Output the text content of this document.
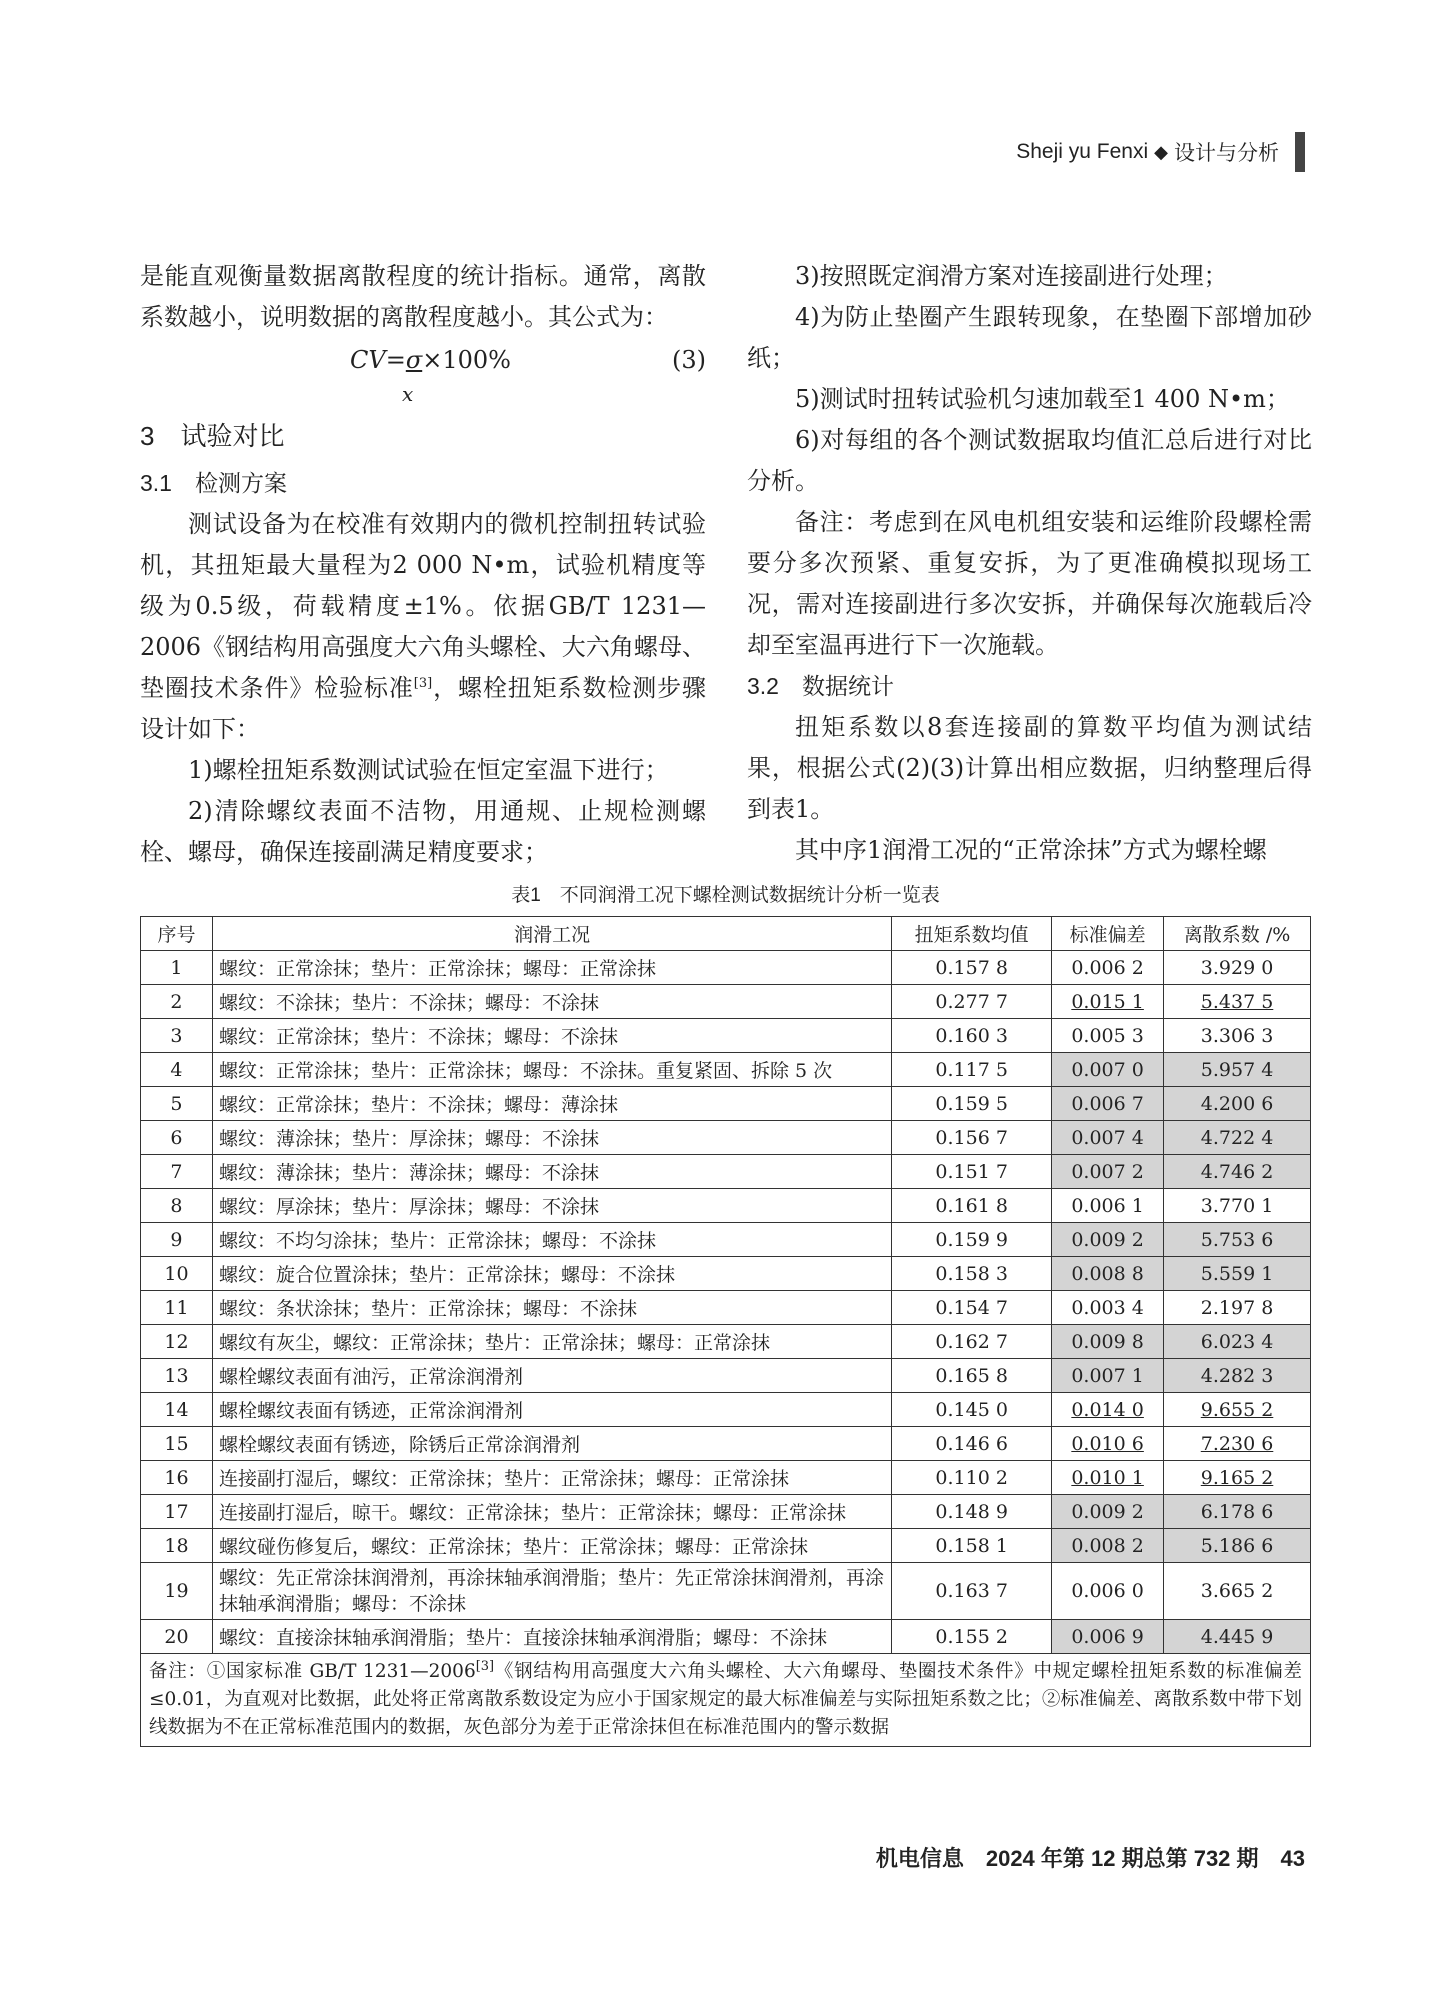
Sheji yu Fenxi ◆ 设计与分析

是能直观衡量数据离散程度的统计指标。通常，离散系数越小，说明数据的离散程度越小。其公式为：

CV=σ×100%
x
(3)
3　试验对比
3.1　检测方案

测试设备为在校准有效期内的微机控制扭转试验机，其扭矩最大量程为2 000 N•m，试验机精度等级为0.5级，荷载精度±1%。依据GB/T 1231—2006《钢结构用高强度大六角头螺栓、大六角螺母、垫圈技术条件》检验标准[3]，螺栓扭矩系数检测步骤设计如下：

1)螺栓扭矩系数测试试验在恒定室温下进行；

2)清除螺纹表面不洁物，用通规、止规检测螺栓、螺母，确保连接副满足精度要求；

3)按照既定润滑方案对连接副进行处理；

4)为防止垫圈产生跟转现象，在垫圈下部增加砂纸；

5)测试时扭转试验机匀速加载至1 400 N•m；

6)对每组的各个测试数据取均值汇总后进行对比分析。

备注：考虑到在风电机组安装和运维阶段螺栓需要分多次预紧、重复安拆，为了更准确模拟现场工况，需对连接副进行多次安拆，并确保每次施载后冷却至室温再进行下一次施载。

3.2　数据统计

扭矩系数以8套连接副的算数平均值为测试结果，根据公式(2)(3)计算出相应数据，归纳整理后得到表1。

其中序1润滑工况的“正常涂抹”方式为螺栓螺

表1　不同润滑工况下螺栓测试数据统计分析一览表
序号	润滑工况	扭矩系数均值	标准偏差	离散系数 /%
1	螺纹：正常涂抹；垫片：正常涂抹；螺母：正常涂抹	0.157 8	0.006 2	3.929 0
2	螺纹：不涂抹；垫片：不涂抹；螺母：不涂抹	0.277 7	0.015 1	5.437 5
3	螺纹：正常涂抹；垫片：不涂抹；螺母：不涂抹	0.160 3	0.005 3	3.306 3
4	螺纹：正常涂抹；垫片：正常涂抹；螺母：不涂抹。重复紧固、拆除 5 次	0.117 5	0.007 0	5.957 4
5	螺纹：正常涂抹；垫片：不涂抹；螺母：薄涂抹	0.159 5	0.006 7	4.200 6
6	螺纹：薄涂抹；垫片：厚涂抹；螺母：不涂抹	0.156 7	0.007 4	4.722 4
7	螺纹：薄涂抹；垫片：薄涂抹；螺母：不涂抹	0.151 7	0.007 2	4.746 2
8	螺纹：厚涂抹；垫片：厚涂抹；螺母：不涂抹	0.161 8	0.006 1	3.770 1
9	螺纹：不均匀涂抹；垫片：正常涂抹；螺母：不涂抹	0.159 9	0.009 2	5.753 6
10	螺纹：旋合位置涂抹；垫片：正常涂抹；螺母：不涂抹	0.158 3	0.008 8	5.559 1
11	螺纹：条状涂抹；垫片：正常涂抹；螺母：不涂抹	0.154 7	0.003 4	2.197 8
12	螺纹有灰尘，螺纹：正常涂抹；垫片：正常涂抹；螺母：正常涂抹	0.162 7	0.009 8	6.023 4
13	螺栓螺纹表面有油污，正常涂润滑剂	0.165 8	0.007 1	4.282 3
14	螺栓螺纹表面有锈迹，正常涂润滑剂	0.145 0	0.014 0	9.655 2
15	螺栓螺纹表面有锈迹，除锈后正常涂润滑剂	0.146 6	0.010 6	7.230 6
16	连接副打湿后，螺纹：正常涂抹；垫片：正常涂抹；螺母：正常涂抹	0.110 2	0.010 1	9.165 2
17	连接副打湿后，晾干。螺纹：正常涂抹；垫片：正常涂抹；螺母：正常涂抹	0.148 9	0.009 2	6.178 6
18	螺纹碰伤修复后，螺纹：正常涂抹；垫片：正常涂抹；螺母：正常涂抹	0.158 1	0.008 2	5.186 6
19	螺纹：先正常涂抹润滑剂，再涂抹轴承润滑脂；垫片：先正常涂抹润滑剂，再涂抹轴承润滑脂；螺母：不涂抹	0.163 7	0.006 0	3.665 2
20	螺纹：直接涂抹轴承润滑脂；垫片：直接涂抹轴承润滑脂；螺母：不涂抹	0.155 2	0.006 9	4.445 9
备注：①国家标准 GB/T 1231—2006[3]《钢结构用高强度大六角头螺栓、大六角螺母、垫圈技术条件》中规定螺栓扭矩系数的标准偏差≤0.01，为直观对比数据，此处将正常离散系数设定为应小于国家规定的最大标准偏差与实际扭矩系数之比；②标准偏差、离散系数中带下划线数据为不在正常标准范围内的数据，灰色部分为差于正常涂抹但在标准范围内的警示数据				
机电信息　2024 年第 12 期总第 732 期　43
